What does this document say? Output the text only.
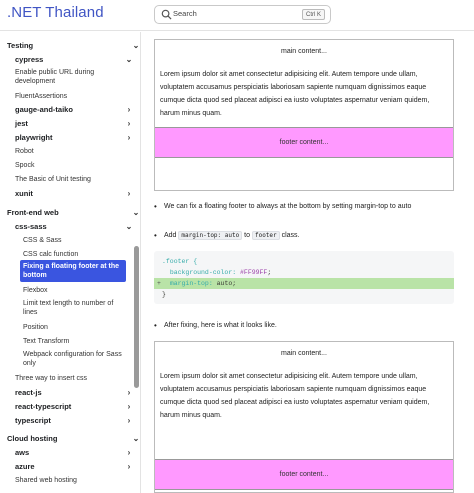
.NET Thailand	Search	Ctrl K
Testing	⌄
cypress	⌄
Enable public URL during development
FluentAssertions
gauge-and-taiko	›
jest	›
playwright	›
Robot
Spock
The Basic of Unit testing
xunit	›
Front-end web	⌄
css-sass	⌄
CSS & Sass
CSS calc function
Fixing a floating footer at the bottom
Flexbox
Limit text length to number of lines
Position
Text Transform
Webpack configuration for Sass only
Three way to insert css
react-js	›
react-typescript	›
typescript	›
Cloud hosting	⌄
aws	›
azure	›
Shared web hosting
main content...
Lorem ipsum dolor sit amet consectetur adipisicing elit. Autem tempore unde ullam, voluptatem accusamus perspiciatis laboriosam sapiente numquam dignissimos eaque cumque dicta quod sed placeat adipisci ea iusto voluptates aspernatur veniam quidem, harum minus quam.
footer content...
• We can fix a floating footer to always at the bottom by setting margin-top to auto
• Add margin-top: auto to footer class.
.footer {
background-color: #FF99FF;
+ margin-top: auto;
}
• After fixing, here is what it looks like.
main content...
Lorem ipsum dolor sit amet consectetur adipisicing elit. Autem tempore unde ullam, voluptatem accusamus perspiciatis laboriosam sapiente numquam dignissimos eaque cumque dicta quod sed placeat adipisci ea iusto voluptates aspernatur veniam quidem, harum minus quam.
footer content...
